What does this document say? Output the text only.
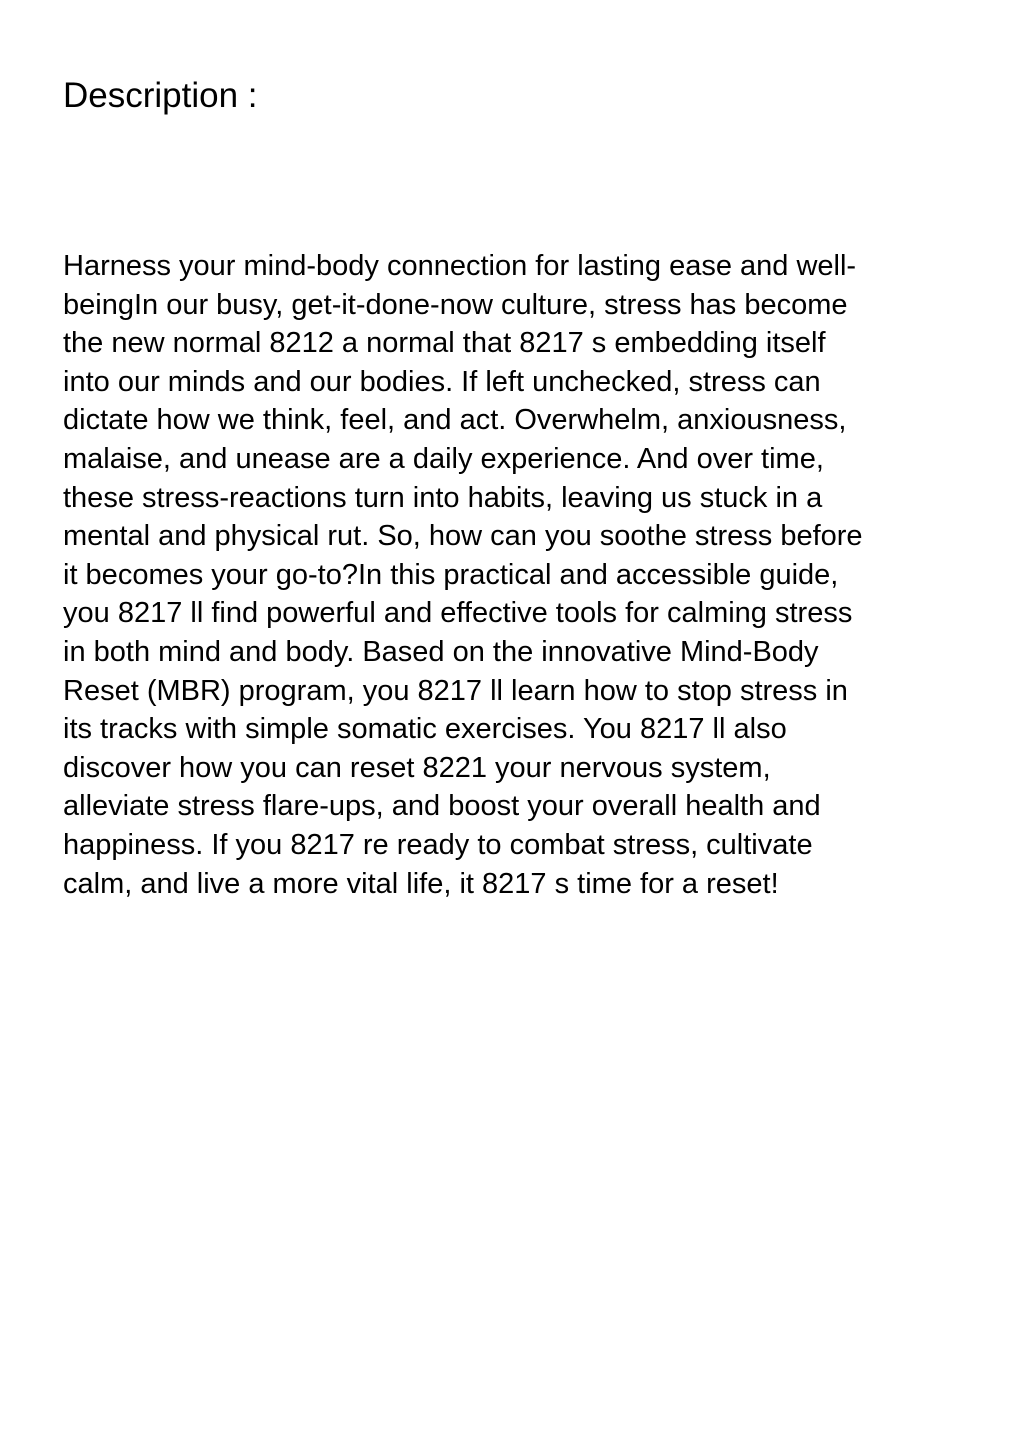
Description :

Harness your mind-body connection for lasting ease and well-
beingIn our busy, get-it-done-now culture, stress has become
the new normal 8212 a normal that 8217 s embedding itself
into our minds and our bodies. If left unchecked, stress can
dictate how we think, feel, and act. Overwhelm, anxiousness,
malaise, and unease are a daily experience. And over time,
these stress-reactions turn into habits, leaving us stuck in a
mental and physical rut. So, how can you soothe stress before
it becomes your go-to?In this practical and accessible guide,
you 8217 ll find powerful and effective tools for calming stress
in both mind and body. Based on the innovative Mind-Body
Reset (MBR) program, you 8217 ll learn how to stop stress in
its tracks with simple somatic exercises. You 8217 ll also
discover how you can reset 8221 your nervous system,
alleviate stress flare-ups, and boost your overall health and
happiness. If you 8217 re ready to combat stress, cultivate
calm, and live a more vital life, it 8217 s time for a reset!
